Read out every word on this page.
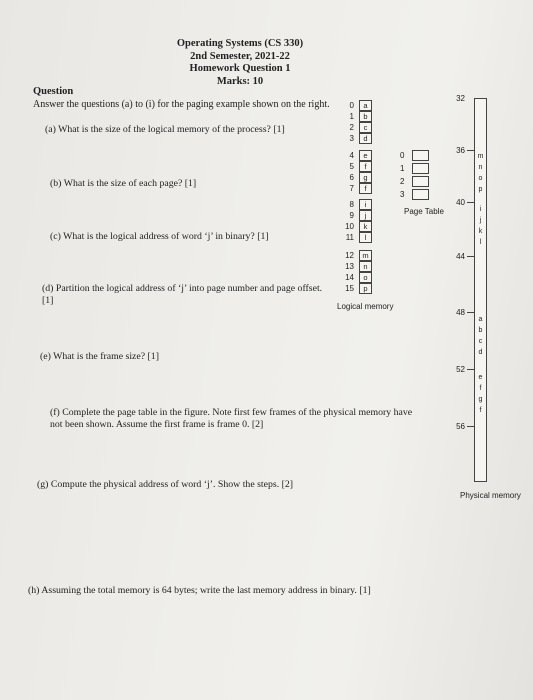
Operating Systems (CS 330)
2nd Semester, 2021-22
Homework Question 1
Marks: 10
Question
Answer the questions (a) to (i) for the paging example shown on the right.
(a) What is the size of the logical memory of the process? [1]
(b) What is the size of each page? [1]
(c) What is the logical address of word ‘j’ in binary? [1]
(d) Partition the logical address of ‘j’ into page number and page offset. [1]
(e) What is the frame size? [1]
(f) Complete the page table in the figure. Note first few frames of the physical memory have not been shown. Assume the first frame is frame 0. [2]
(g) Compute the physical address of word ‘j’. Show the steps. [2]
(h) Assuming the total memory is 64 bytes; write the last memory address in binary. [1]
0	a
1	b
2	c
3	d
4	e
5	f
6	g
7	f
8	i
9	j
10	k
11	l
12	m
13	n
14	o
15	p
Logical memory
0
1
2
3
Page Table
32
36
40
44
48
52
56
m
n
o
p
i
j
k
l
a
b
c
d
e
f
g
f
Physical memory
